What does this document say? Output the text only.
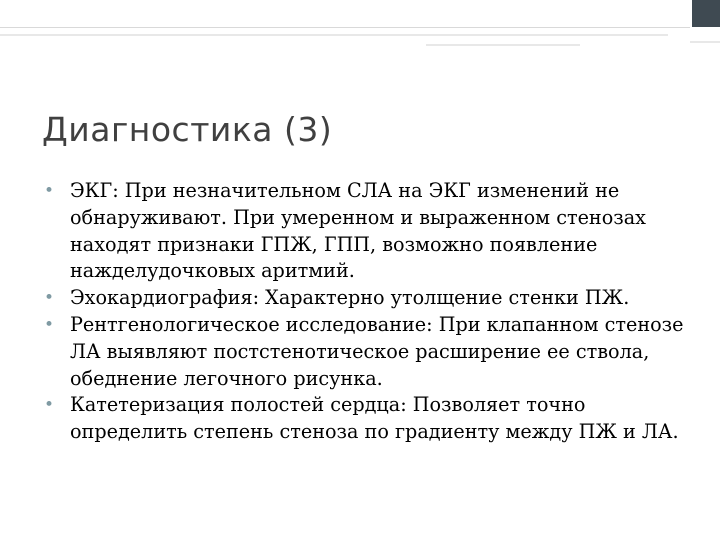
Диагностика (3)
• ЭКГ: При незначительном СЛА на ЭКГ изменений не обнаруживают. При умеренном и выраженном стенозах находят признаки ГПЖ, ГПП, возможно появление нажделудочковых аритмий.
• Эхокардиография: Характерно утолщение стенки ПЖ.
• Рентгенологическое исследование: При клапанном стенозе ЛА выявляют постстенотическое расширение ее ствола, обеднение легочного рисунка.
• Катетеризация полостей сердца: Позволяет точно определить степень стеноза по градиенту между ПЖ и ЛА.
